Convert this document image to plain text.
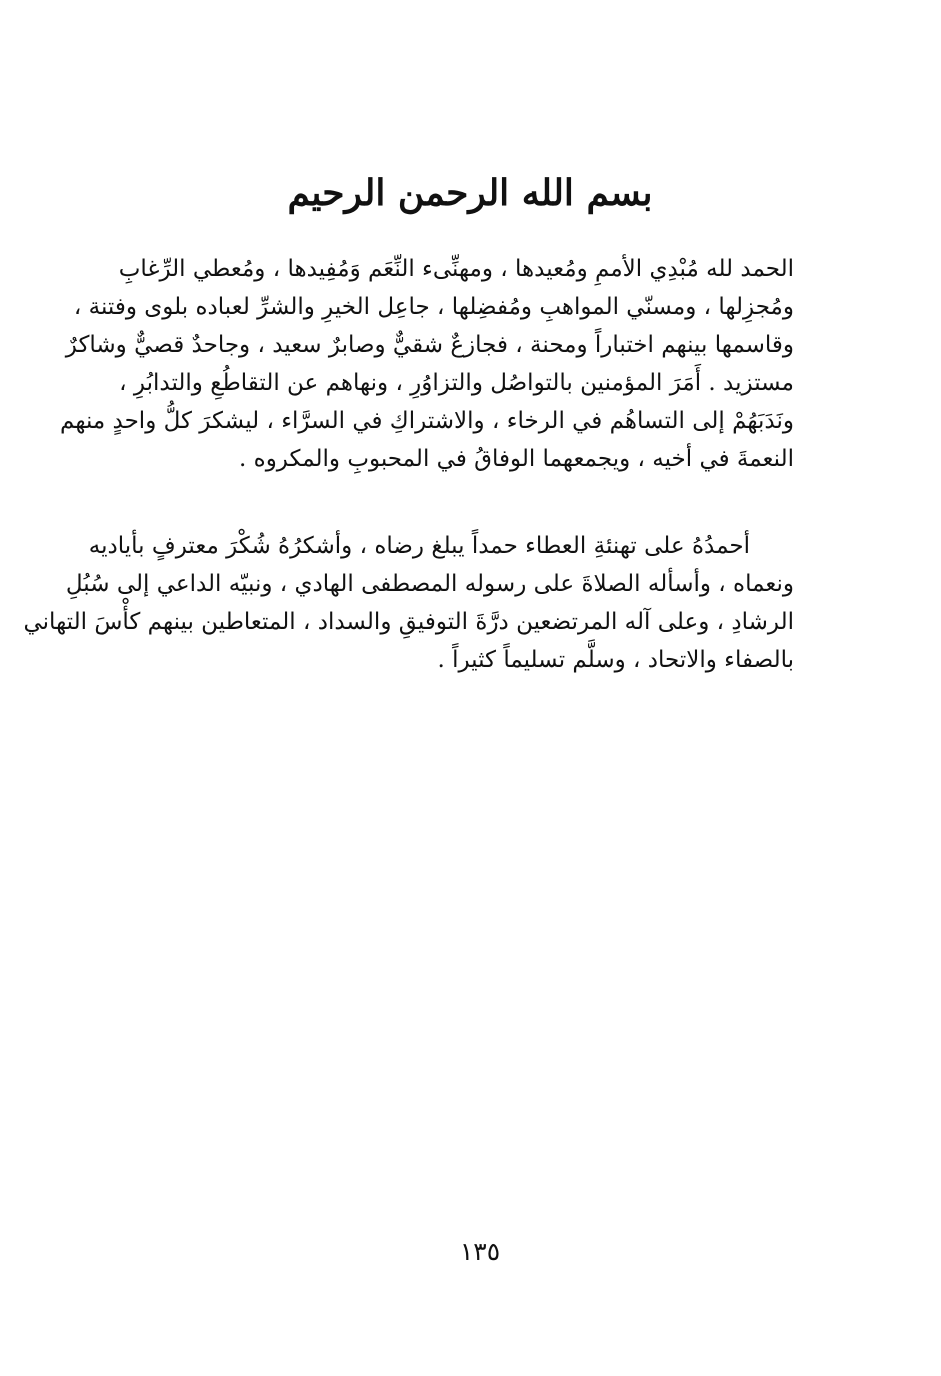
بسم الله الرحمن الرحيم
الحمد لله مُبْدِي الأممِ ومُعيدها ، ومهنِّىء النِّعَم وَمُفِيدها ، ومُعطي الرِّغابِ
ومُجزِلها ، ومسنّي المواهبِ ومُفضِلها ، جاعِل الخيرِ والشرِّ لعباده بلوى وفتنة ،
وقاسمها بينهم اختباراً ومحنة ، فجازعٌ شقيٌّ وصابرٌ سعيد ، وجاحدٌ قصيٌّ وشاكرٌ
مستزيد . أَمَرَ المؤمنين بالتواصُل والتزاوُرِ ، ونهاهم عن التقاطُعِ والتدابُرِ ،
ونَدَبَهُمْ إلى التساهُم في الرخاء ، والاشتراكِ في السرَّاء ، ليشكرَ كلُّ واحدٍ منهم
النعمةَ في أخيه ، ويجمعهما الوفاقُ في المحبوبِ والمكروه .
أحمدُهُ على تهنئةِ العطاء حمداً يبلغ رضاه ، وأشكرُهُ شُكْرَ معترفٍ بأياديه
ونعماه ، وأسأله الصلاةَ على رسوله المصطفى الهادي ، ونبيّه الداعي إلى سُبُلِ
الرشادِ ، وعلى آله المرتضعين درَّةَ التوفيقِ والسداد ، المتعاطين بينهم كأْسَ التهاني
بالصفاء والاتحاد ، وسلَّم تسليماً كثيراً .
١٣٥
